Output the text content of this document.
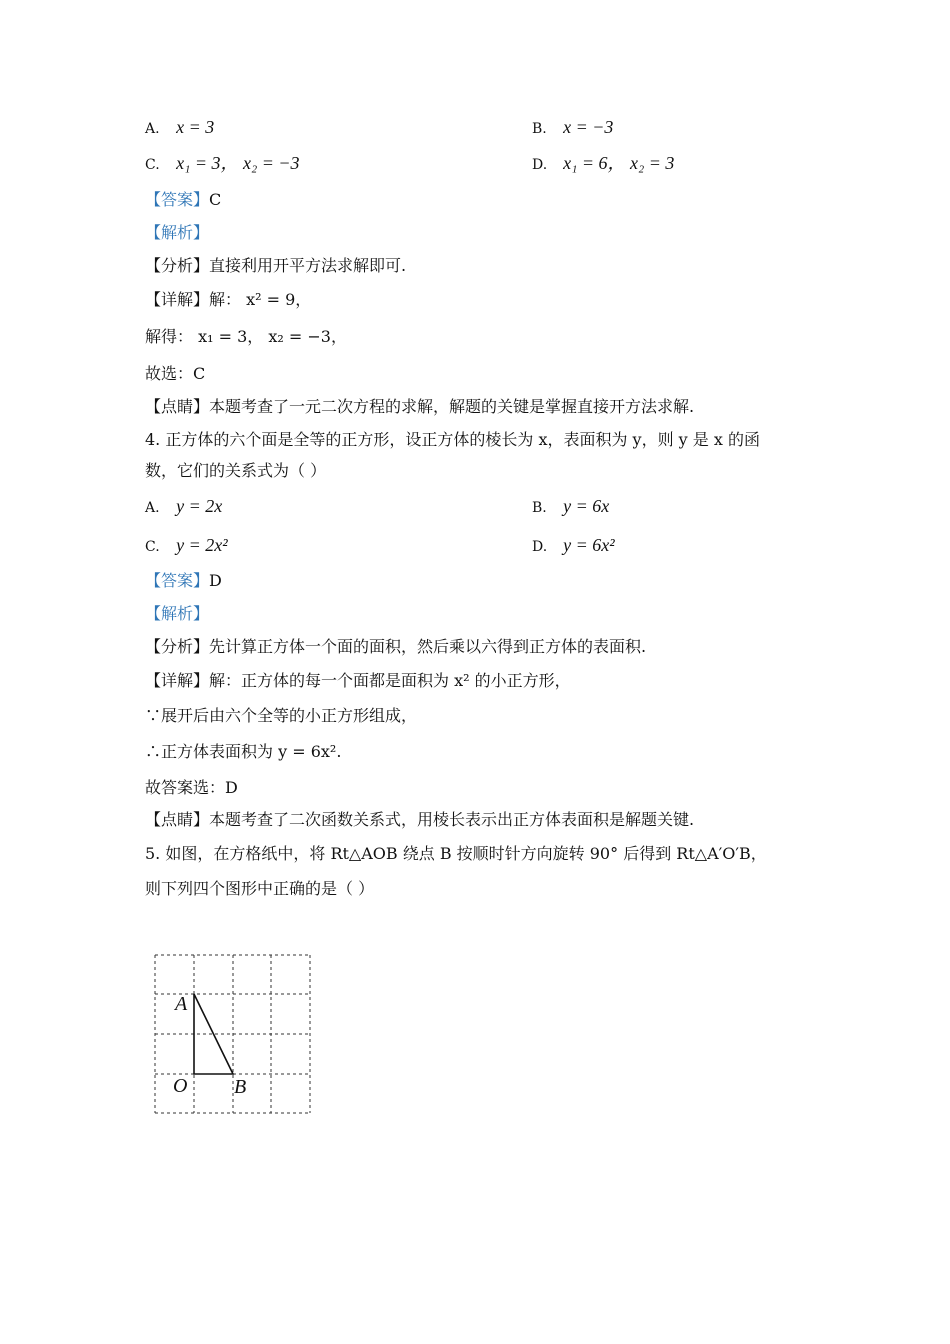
A. x = 3	B. x = −3
C. x₁ = 3， x₂ = −3	D. x₁ = 6， x₂ = 3
【答案】C
【解析】
【分析】直接利用开平方法求解即可.
【详解】解： x² = 9，
解得： x₁ = 3， x₂ = −3，
故选：C
【点睛】本题考查了一元二次方程的求解，解题的关键是掌握直接开方法求解.
4. 正方体的六个面是全等的正方形，设正方体的棱长为 x，表面积为 y，则 y 是 x 的函
数，它们的关系式为（ ）
A. y = 2x	B. y = 6x
C. y = 2x²	D. y = 6x²
【答案】D
【解析】
【分析】先计算正方体一个面的面积，然后乘以六得到正方体的表面积.
【详解】解：正方体的每一个面都是面积为 x² 的小正方形，
∵展开后由六个全等的小正方形组成，
∴正方体表面积为 y = 6x².
故答案选：D
【点睛】本题考查了二次函数关系式，用棱长表示出正方体表面积是解题关键.
5. 如图，在方格纸中，将 Rt△AOB 绕点 B 按顺时针方向旋转 90° 后得到 Rt△A′O′B，
则下列四个图形中正确的是（ ）
A
O B
